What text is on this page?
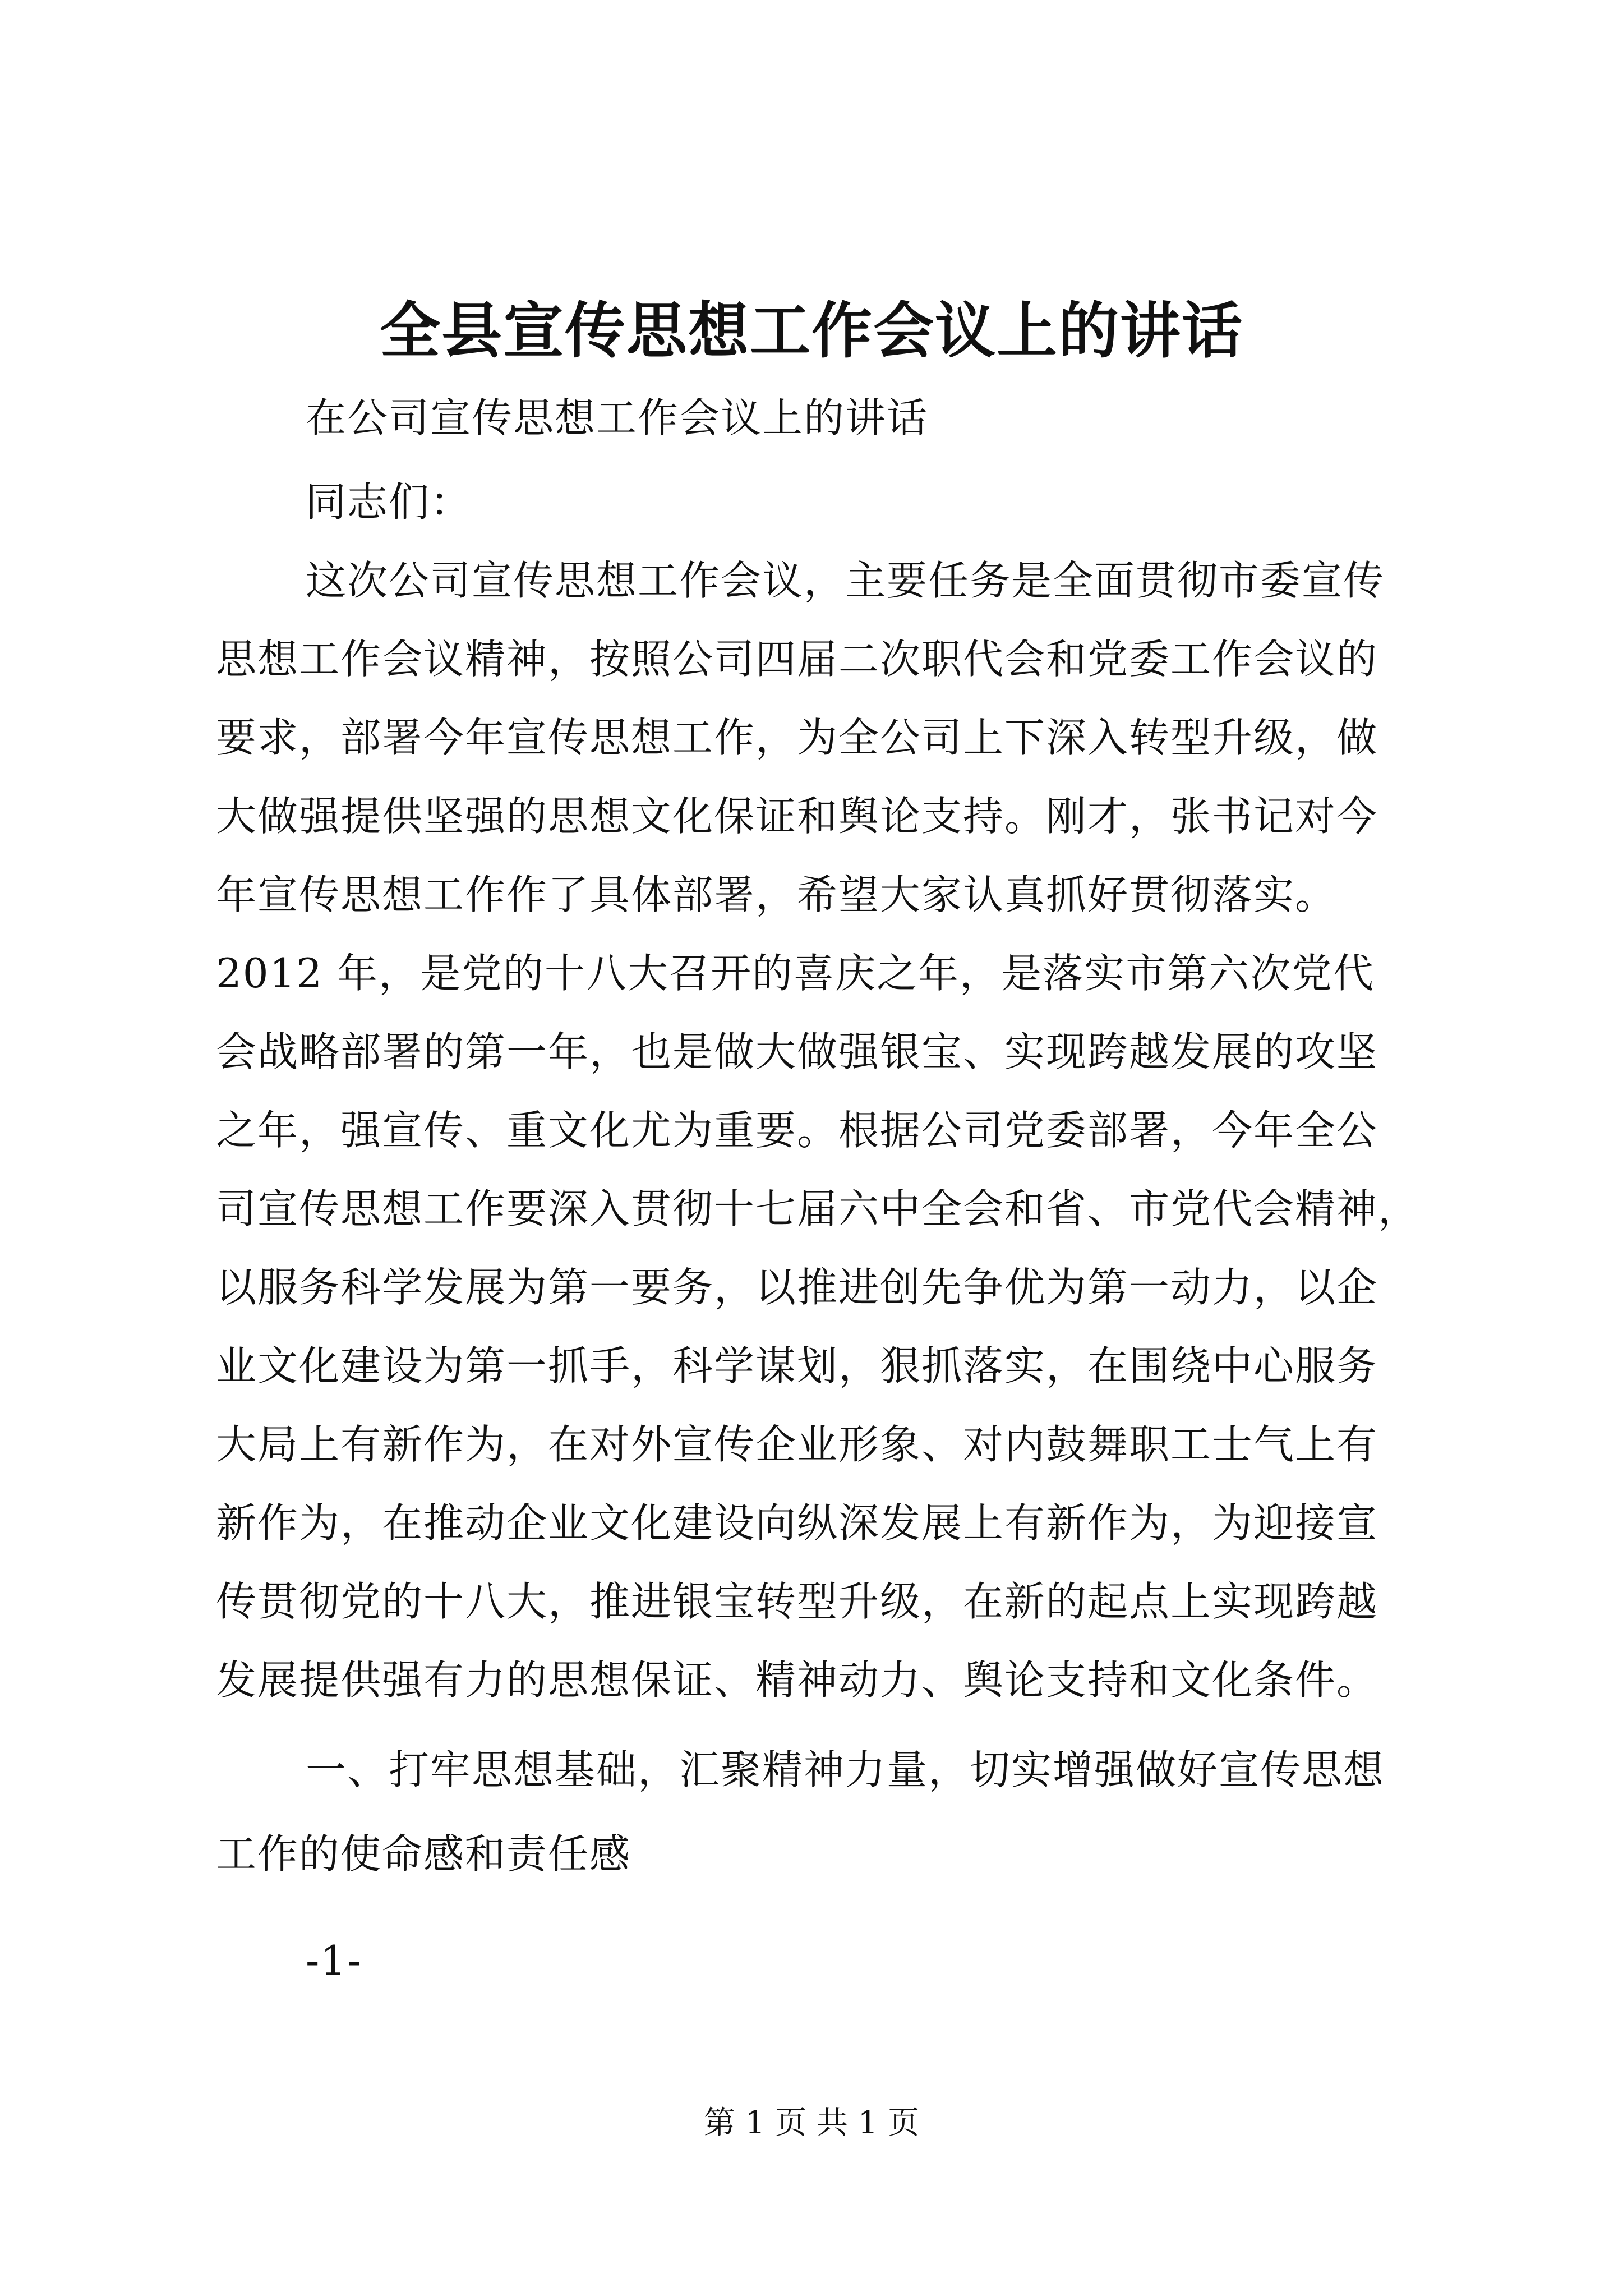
全县宣传思想工作会议上的讲话
在公司宣传思想工作会议上的讲话
同志们：
这次公司宣传思想工作会议，主要任务是全面贯彻市委宣传
思想工作会议精神，按照公司四届二次职代会和党委工作会议的
要求，部署今年宣传思想工作，为全公司上下深入转型升级，做
大做强提供坚强的思想文化保证和舆论支持。刚才，张书记对今
年宣传思想工作作了具体部署，希望大家认真抓好贯彻落实。
2012 年，是党的十八大召开的喜庆之年，是落实市第六次党代
会战略部署的第一年，也是做大做强银宝、实现跨越发展的攻坚
之年，强宣传、重文化尤为重要。根据公司党委部署，今年全公
司宣传思想工作要深入贯彻十七届六中全会和省、市党代会精神，
以服务科学发展为第一要务，以推进创先争优为第一动力，以企
业文化建设为第一抓手，科学谋划，狠抓落实，在围绕中心服务
大局上有新作为，在对外宣传企业形象、对内鼓舞职工士气上有
新作为，在推动企业文化建设向纵深发展上有新作为，为迎接宣
传贯彻党的十八大，推进银宝转型升级，在新的起点上实现跨越
发展提供强有力的思想保证、精神动力、舆论支持和文化条件。
一、打牢思想基础，汇聚精神力量，切实增强做好宣传思想
工作的使命感和责任感
-1-
第 1 页 共 1 页
